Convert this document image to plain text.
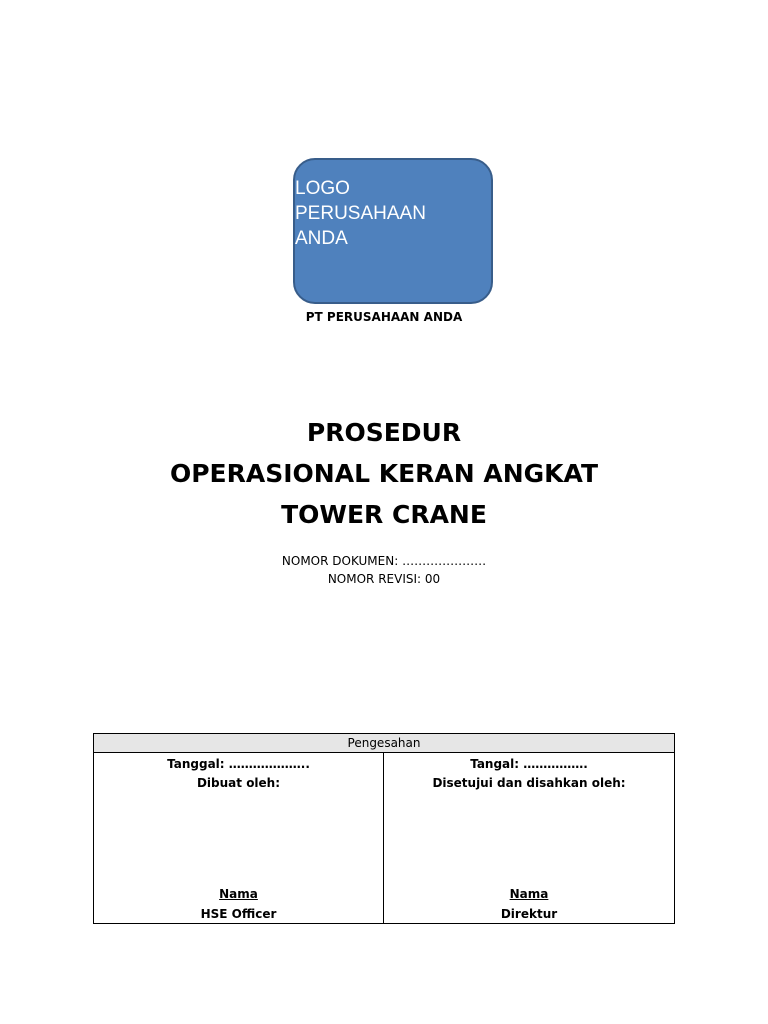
LOGO
PERUSAHAAN
ANDA
PT PERUSAHAAN ANDA
PROSEDUR
OPERASIONAL KERAN ANGKAT
TOWER CRANE
NOMOR DOKUMEN: …………………
NOMOR REVISI: 00
Pengesahan
Tanggal: ………………..
Dibuat oleh:
Nama
HSE Officer
Tangal: …………….
Disetujui dan disahkan oleh:
Nama
Direktur
